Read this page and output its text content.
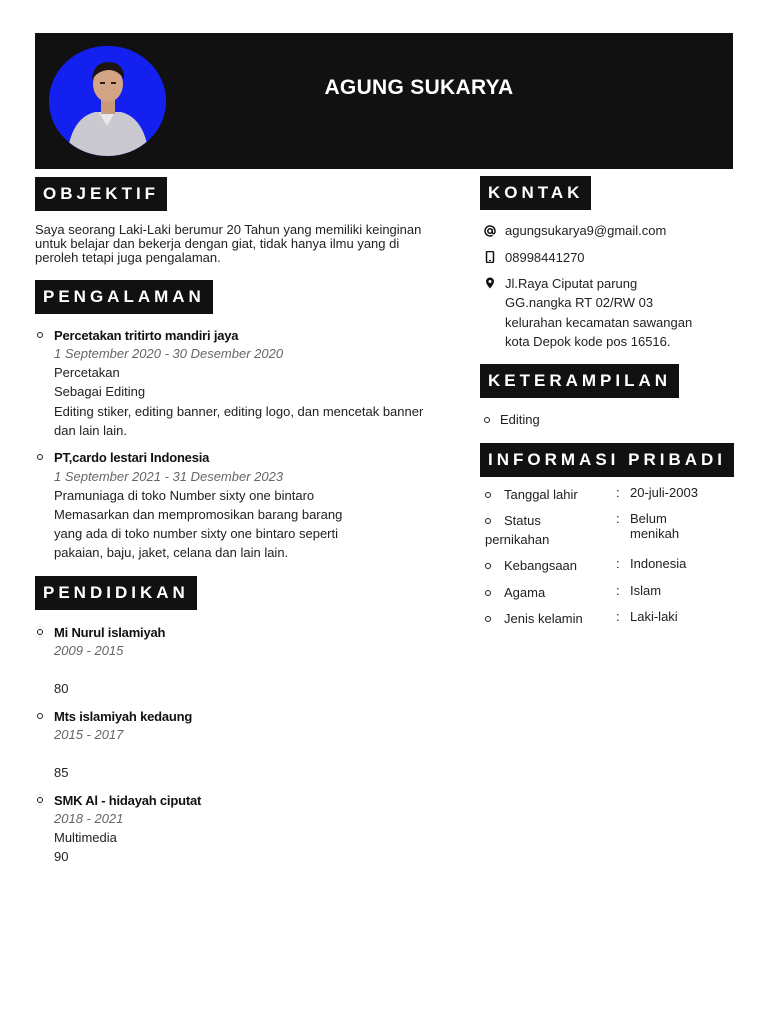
AGUNG SUKARYA
OBJEKTIF
Saya seorang Laki-Laki berumur 20 Tahun yang memiliki keinginan
untuk belajar dan bekerja dengan giat, tidak hanya ilmu yang di
peroleh tetapi juga pengalaman.
PENGALAMAN
Percetakan tritirto mandiri jaya
1 September 2020 - 30 Desember 2020
Percetakan
Sebagai Editing
Editing stiker, editing banner, editing logo, dan mencetak banner
dan lain lain.
PT,cardo lestari Indonesia
1 September 2021 - 31 Desember 2023
Pramuniaga di toko Number sixty one bintaro
Memasarkan dan mempromosikan barang barang
yang ada di toko number sixty one bintaro seperti
pakaian, baju, jaket, celana dan lain lain.
PENDIDIKAN
Mi Nurul islamiyah
2009 - 2015
80
Mts islamiyah kedaung
2015 - 2017
85
SMK Al - hidayah ciputat
2018 - 2021
Multimedia
90
KONTAK
agungsukarya9@gmail.com
08998441270
Jl.Raya Ciputat parung
GG.nangka RT 02/RW 03
kelurahan kecamatan sawangan
kota Depok kode pos 16516.
KETERAMPILAN
Editing
INFORMASI PRIBADI
Tanggal lahir	: 20-juli-2003
Status
pernikahan
: Belum
menikah
Kebangsaan	: Indonesia
Agama	: Islam
Jenis kelamin	: Laki-laki
